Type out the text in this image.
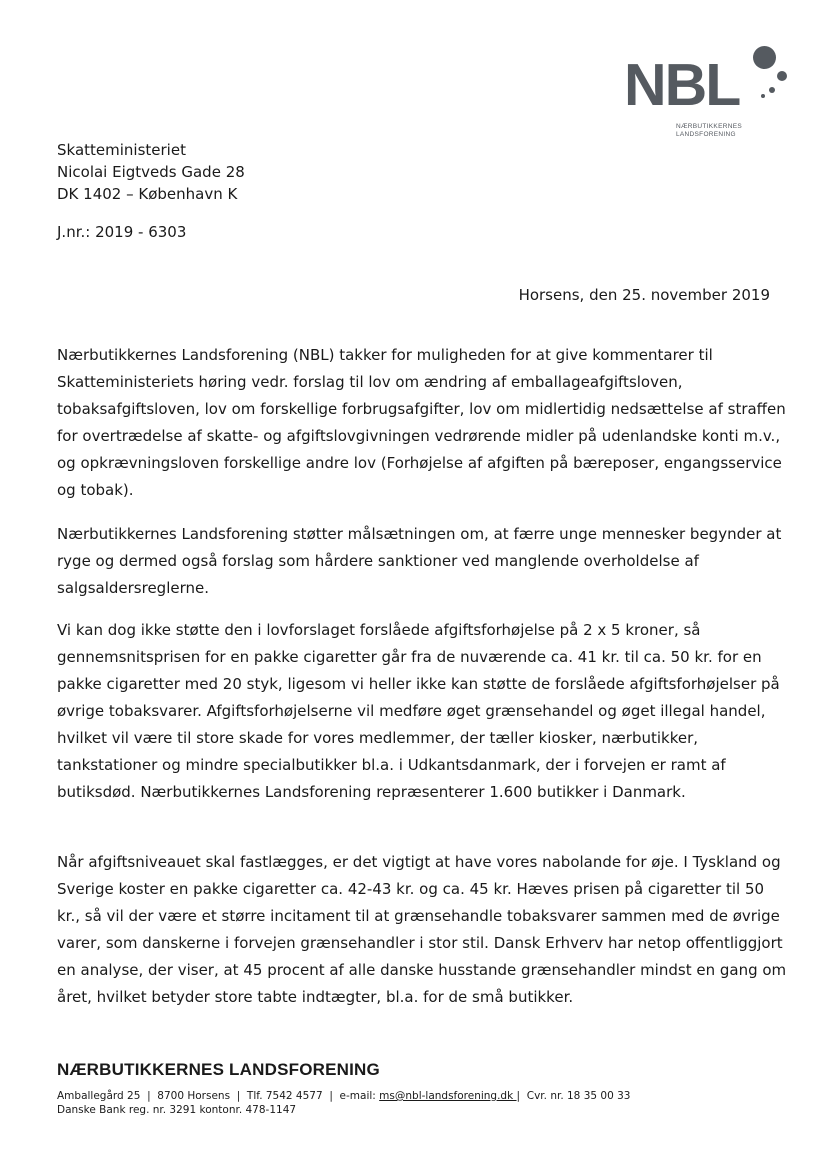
NBL
NÆRBUTIKKERNES
LANDSFORENING
Skatteministeriet
Nicolai Eigtveds Gade 28
DK 1402 – København K
J.nr.: 2019 - 6303
Horsens, den 25. november 2019

Nærbutikkernes Landsforening (NBL) takker for muligheden for at give kommentarer til Skatteministeriets høring vedr. forslag til lov om ændring af emballageafgiftsloven, tobaksafgiftsloven, lov om forskellige forbrugsafgifter, lov om midlertidig nedsættelse af straffen for overtrædelse af skatte- og afgiftslovgivningen vedrørende midler på udenlandske konti m.v., og opkrævningsloven forskellige andre lov (Forhøjelse af afgiften på bæreposer, engangsservice og tobak).

Nærbutikkernes Landsforening støtter målsætningen om, at færre unge mennesker begynder at ryge og dermed også forslag som hårdere sanktioner ved manglende overholdelse af salgsaldersreglerne.

Vi kan dog ikke støtte den i lovforslaget forslåede afgiftsforhøjelse på 2 x 5 kroner, så gennemsnitsprisen for en pakke cigaretter går fra de nuværende ca. 41 kr. til ca. 50 kr. for en pakke cigaretter med 20 styk, ligesom vi heller ikke kan støtte de forslåede afgiftsforhøjelser på øvrige tobaksvarer. Afgiftsforhøjelserne vil medføre øget grænsehandel og øget illegal handel, hvilket vil være til store skade for vores medlemmer, der tæller kiosker, nærbutikker, tankstationer og mindre specialbutikker bl.a. i Udkantsdanmark, der i forvejen er ramt af butiksdød. Nærbutikkernes Landsforening repræsenterer 1.600 butikker i Danmark.

Når afgiftsniveauet skal fastlægges, er det vigtigt at have vores nabolande for øje. I Tyskland og Sverige koster en pakke cigaretter ca. 42-43 kr. og ca. 45 kr. Hæves prisen på cigaretter til 50 kr., så vil der være et større incitament til at grænsehandle tobaksvarer sammen med de øvrige varer, som danskerne i forvejen grænsehandler i stor stil. Dansk Erhverv har netop offentliggjort en analyse, der viser, at 45 procent af alle danske husstande grænsehandler mindst en gang om året, hvilket betyder store tabte indtægter, bl.a. for de små butikker.

NÆRBUTIKKERNES LANDSFORENING
Amballegård 25  |  8700 Horsens  |  Tlf. 7542 4577  |  e-mail: ms@nbl-landsforening.dk |  Cvr. nr. 18 35 00 33
Danske Bank reg. nr. 3291 kontonr. 478-1147
